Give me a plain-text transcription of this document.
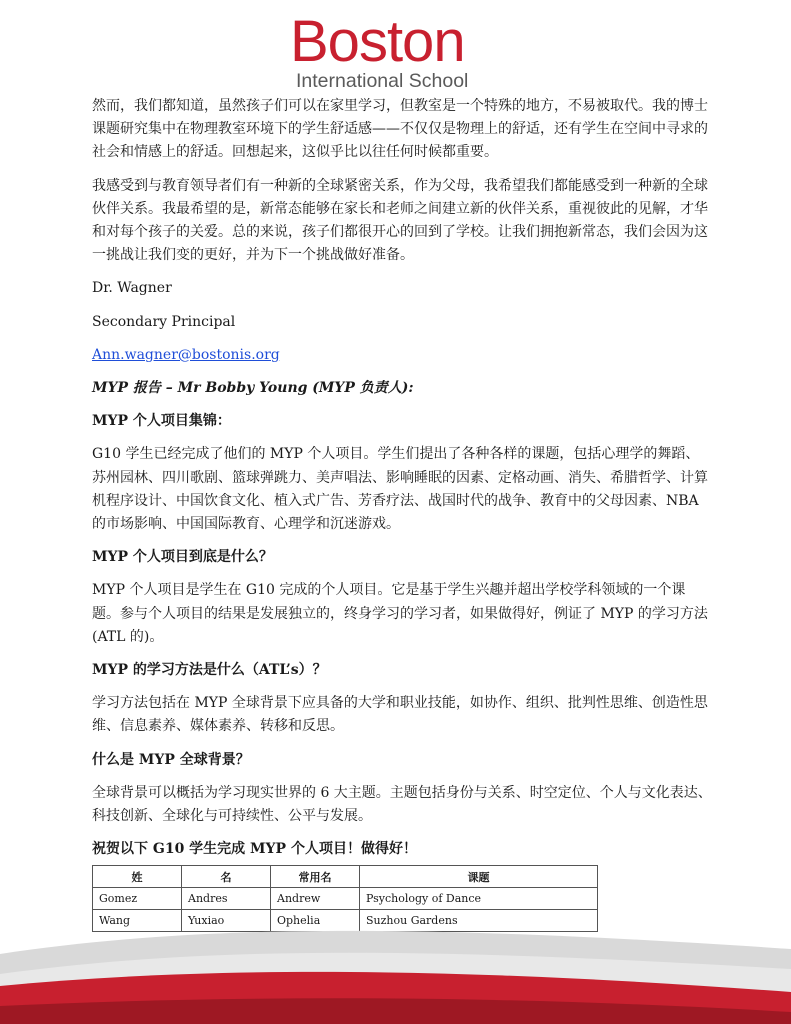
Boston
International School

然而，我们都知道，虽然孩子们可以在家里学习，但教室是一个特殊的地方，不易被取代。我的博士课题研究集中在物理教室环境下的学生舒适感——不仅仅是物理上的舒适，还有学生在空间中寻求的社会和情感上的舒适。回想起来，这似乎比以往任何时候都重要。

我感受到与教育领导者们有一种新的全球紧密关系，作为父母，我希望我们都能感受到一种新的全球伙伴关系。我最希望的是，新常态能够在家长和老师之间建立新的伙伴关系，重视彼此的见解，才华和对每个孩子的关爱。总的来说，孩子们都很开心的回到了学校。让我们拥抱新常态，我们会因为这一挑战让我们变的更好，并为下一个挑战做好准备。

Dr. Wagner

Secondary Principal

Ann.wagner@bostonis.org

MYP 报告 – Mr Bobby Young (MYP 负责人):

MYP 个人项目集锦：

G10 学生已经完成了他们的 MYP 个人项目。学生们提出了各种各样的课题，包括心理学的舞蹈、苏州园林、四川歌剧、篮球弹跳力、美声唱法、影响睡眠的因素、定格动画、消失、希腊哲学、计算机程序设计、中国饮食文化、植入式广告、芳香疗法、战国时代的战争、教育中的父母因素、NBA 的市场影响、中国国际教育、心理学和沉迷游戏。

MYP 个人项目到底是什么？

MYP 个人项目是学生在 G10 完成的个人项目。它是基于学生兴趣并超出学校学科领域的一个课题。参与个人项目的结果是发展独立的，终身学习的学习者，如果做得好，例证了 MYP 的学习方法(ATL 的)。

MYP 的学习方法是什么（ATL’s）？

学习方法包括在 MYP 全球背景下应具备的大学和职业技能，如协作、组织、批判性思维、创造性思维、信息素养、媒体素养、转移和反思。

什么是 MYP 全球背景？

全球背景可以概括为学习现实世界的 6 大主题。主题包括身份与关系、时空定位、个人与文化表达、科技创新、全球化与可持续性、公平与发展。

祝贺以下 G10 学生完成 MYP 个人项目！做得好！

姓	名	常用名	课题
Gomez	Andres	Andrew	Psychology of Dance
Wang	Yuxiao	Ophelia	Suzhou Gardens
